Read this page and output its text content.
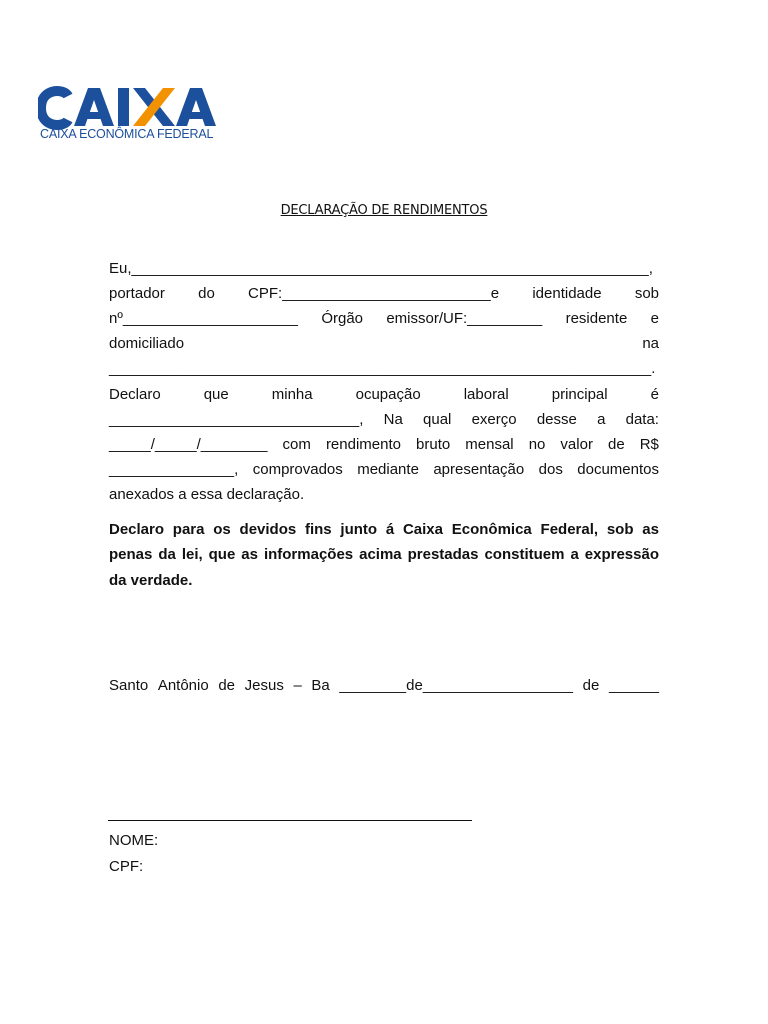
CAIXA ECONÔMICA FEDERAL
DECLARAÇÃO DE RENDIMENTOS
Eu,______________________________________________________________,
portador do CPF:_________________________e identidade sob
nº_____________________ Órgão emissor/UF:_________ residente e
domiciliado	na
_________________________________________________________________.
Declaro	que	minha	ocupação	laboral	principal	é
______________________________, Na qual exerço desse a data:
_____/_____/________ com rendimento bruto mensal no valor de R$
_______________, comprovados mediante apresentação dos documentos
anexados a essa declaração.
Declaro para os devidos fins junto á Caixa Econômica Federal, sob as
penas da lei, que as informações acima prestadas constituem a expressão
da verdade.
Santo Antônio de Jesus – Ba ________de__________________ de ______
NOME:
CPF:
